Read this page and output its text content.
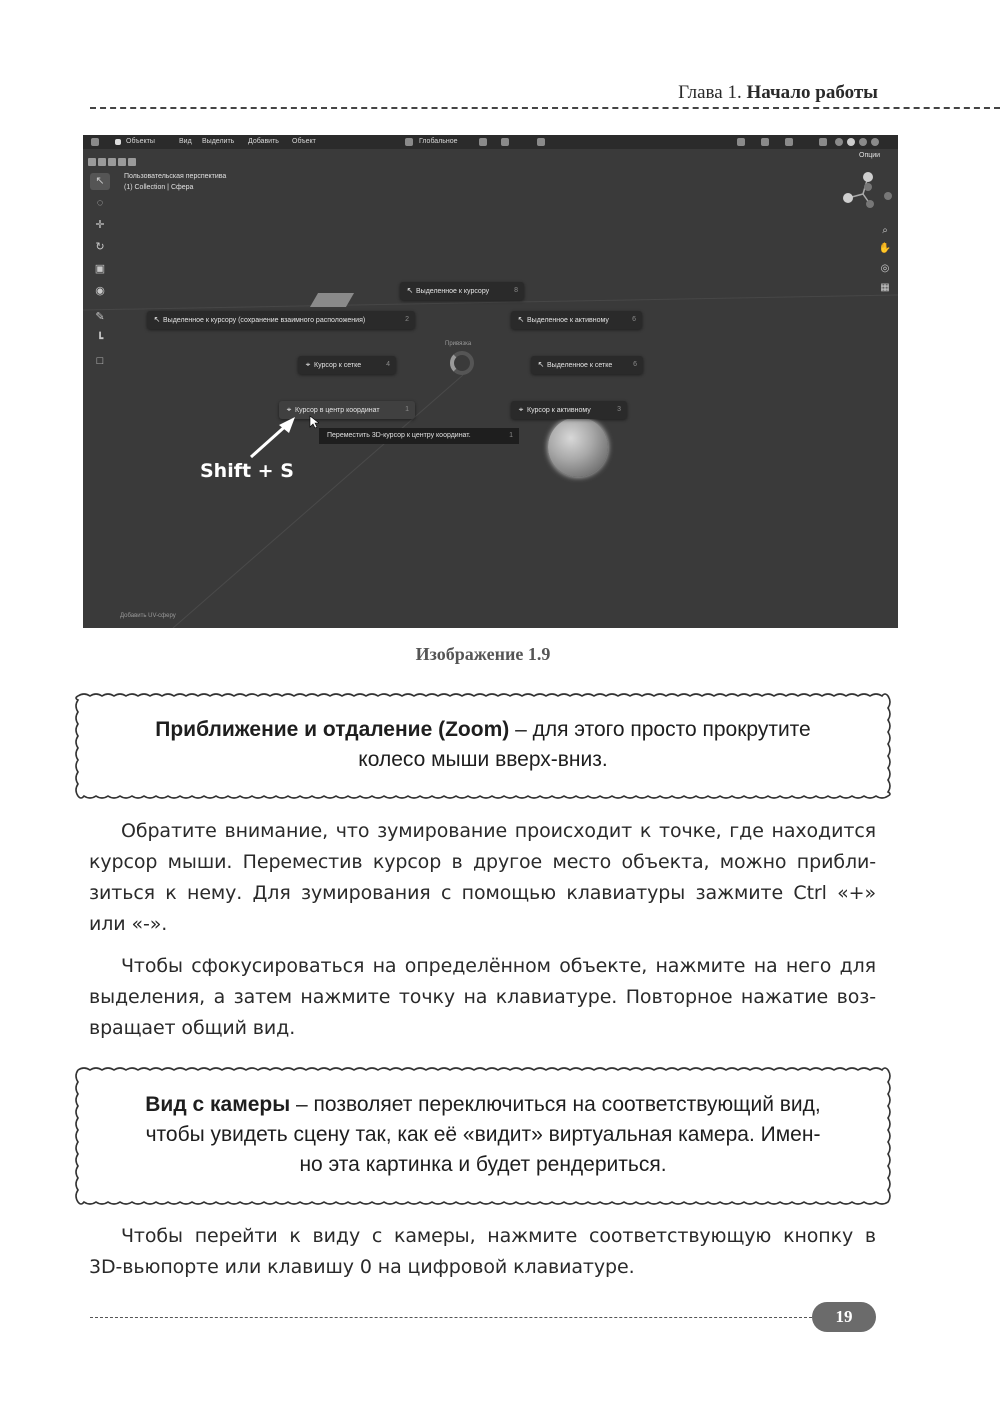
Глава 1. Начало работы
Объекты	Вид Выделить Добавить Объект	Глобальное
Опции
Пользовательская перспектива
(1) Collection | Сфера
↖
◌
✛
↻
▣
◉
✎
┗
□
⌕
✋
◎
▦
Привязка
↖ Выделенное к курсору	8
↖ Выделенное к курсору (сохранение взаимного расположения)	2	↖ Выделенное к активному	6
⌖ Курсор к сетке	4	↖ Выделенное к сетке	6
⌖ Курсор в центр координат	1	⌖ Курсор к активному	3
Переместить 3D-курсор к центру координат.	1
Shift + S
Добавить UV-сферу
Изображение 1.9
Приближение и отдаление (Zoom) – для этого просто прокрутите
колесо мыши вверх-вниз.
Обратите внимание, что зумирование происходит к точке, где находится
курсор мыши. Переместив курсор в другое место объекта, можно прибли-
зиться к нему. Для зумирования с помощью клавиатуры зажмите Ctrl «+»
или «-».
Чтобы сфокусироваться на определённом объекте, нажмите на него для
выделения, а затем нажмите точку на клавиатуре. Повторное нажатие воз-
вращает общий вид.
Вид с камеры – позволяет переключиться на соответствующий вид,
чтобы увидеть сцену так, как её «видит» виртуальная камера. Имен-
но эта картинка и будет рендериться.
Чтобы перейти к виду с камеры, нажмите соответствующую кнопку в
3D-вьюпорте или клавишу 0 на цифровой клавиатуре.
19
